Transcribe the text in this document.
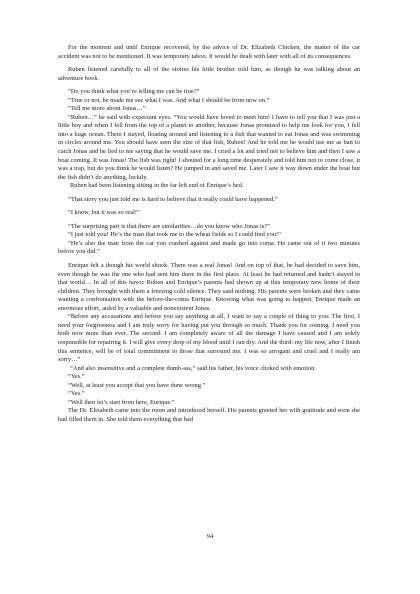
For the moment and until Enrique recovered, by the advice of Dr. Elizabeth Chicken, the matter of the car accident was not to be mentioned. It was temporary taboo. It would be dealt with later with all of its consequences.

Ruben listened carefully to all of the stories his little brother told him, as though he was talking about an adventure book.

“Do you think what you’re telling me can be true?”

“True or not, he made me see what I was. And what I should be from now on.”

“Tell me more about Jonas…”

“Ruben…” he said with expectant eyes. “You would have loved to meet him! I have to tell you that I was just a little boy and when I fell from the top of a planet to another, because Jonas promised to help me look for you, I fell into a huge ocean. There I stayed, floating around and listening to a fish that wanted to eat Jonas and was swimming in circles around me. You should have seen the size of that fish, Ruben! And he told me he would use me as bait to catch Jonas and he lied to me saying that he would save me. I cried a lot and tried not to believe him and then I saw a boat coming. It was Jonas! The fish was right! I shouted for a long time desperately and told him not to come close, it was a trap, but do you think he would listen? He jumped in and saved me. Later I saw it way down under the boat but the fish didn’t do anything, luckily.

Ruben had been listening sitting in the far left end of Enrique’s bed.

“That story you just told me is hard to believe that it really could have happened.”

“I know, but it was so real!”

“The surprising part is that there are similarities…do you know who Jonas is?”

“I just told you! He’s the man that took me to the wheat fields so I could find you!”

“He’s also the man from the car you crashed against and made go into coma. He came out of it two minutes before you did.”

Enrique felt a though his world shook. There was a real Jonas! And on top of that, he had decided to save him, even though he was the one who had sent him there in the first place. At least he had returned and hadn’t stayed in that world… In all of this havoc Ruben and Enrique’s parents had shown up at this temporary new home of their children. They brought with them a freezing cold silence. They said nothing. His parents were broken and they came wanting a confrontation with the before-the-coma Enrique. Knowing what was going to happen, Enrique made an enormous effort, aided by a valuable and nonexistent Jonas.

“Before any accusations and before you say anything at all, I want to say a couple of thing to you: The first, I need your forgiveness and I am truly sorry for having put you through so much. Thank you for coming. I need you both now more than ever. The second: I am completely aware of all the damage I have caused and I am solely responsible for repairing it. I will give every drop of my blood until I run dry. And the third: my life now, after I finish this sentence, will be of total commitment to those that surround me. I was so arrogant and cruel and I really am sorry…”

“And also insensitive and a complete dumb-ass,” said his father, his voice choked with emotion.

“Yes.”

“Well, at least you accept that you have done wrong.”

“Yes.”

“Well then let’s start from here, Enrique.”

The Dr. Elizabeth came into the room and introduced herself. His parents greeted her with gratitude and soon she had filled them in. She told them everything that had

94
